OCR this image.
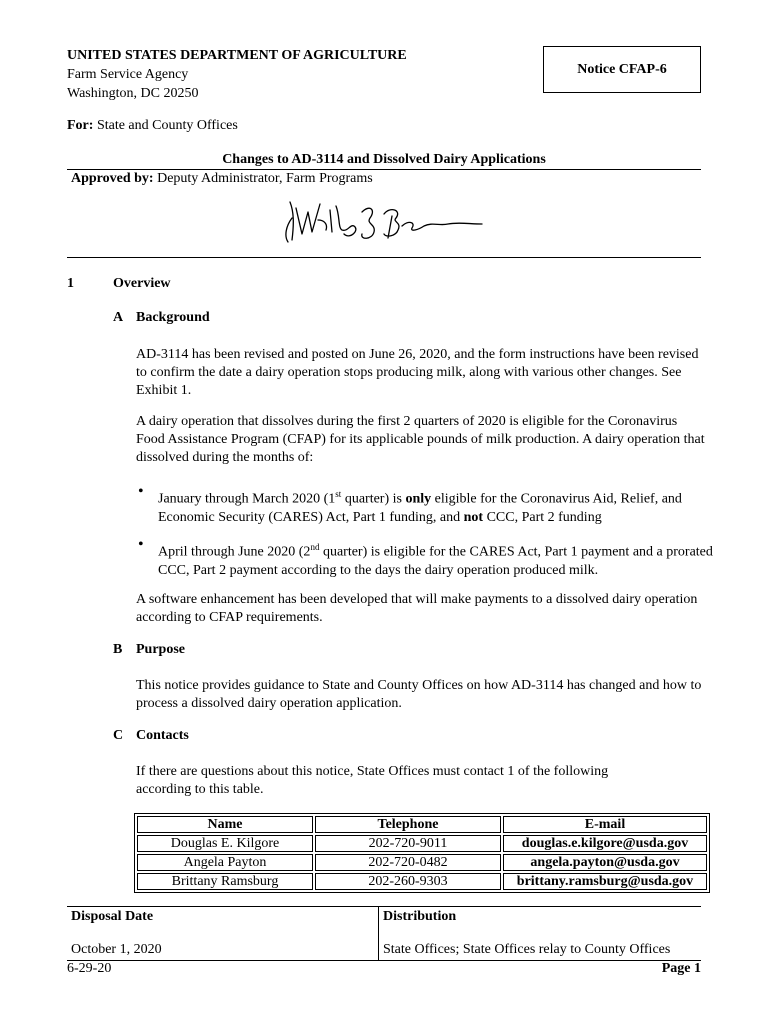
UNITED STATES DEPARTMENT OF AGRICULTURE
Farm Service Agency
Washington, DC 20250
Notice CFAP-6
For: State and County Offices
Changes to AD-3114 and Dissolved Dairy Applications
Approved by: Deputy Administrator, Farm Programs
1	Overview
A Background
AD-3114 has been revised and posted on June 26, 2020, and the form instructions have been revised to confirm the date a dairy operation stops producing milk, along with various other changes. See Exhibit 1.
A dairy operation that dissolves during the first 2 quarters of 2020 is eligible for the Coronavirus Food Assistance Program (CFAP) for its applicable pounds of milk production. A dairy operation that dissolved during the months of:
• January through March 2020 (1st quarter) is only eligible for the Coronavirus Aid, Relief, and Economic Security (CARES) Act, Part 1 funding, and not CCC, Part 2 funding
• April through June 2020 (2nd quarter) is eligible for the CARES Act, Part 1 payment and a prorated CCC, Part 2 payment according to the days the dairy operation produced milk.
A software enhancement has been developed that will make payments to a dissolved dairy operation according to CFAP requirements.
B Purpose
This notice provides guidance to State and County Offices on how AD-3114 has changed and how to process a dissolved dairy operation application.
C Contacts
If there are questions about this notice, State Offices must contact 1 of the following according to this table.
Name	Telephone	E-mail
Douglas E. Kilgore	202-720-9011	douglas.e.kilgore@usda.gov
Angela Payton	202-720-0482	angela.payton@usda.gov
Brittany Ramsburg	202-260-9303	brittany.ramsburg@usda.gov
Disposal Date	Distribution
October 1, 2020	State Offices; State Offices relay to County Offices
6-29-20	Page 1
